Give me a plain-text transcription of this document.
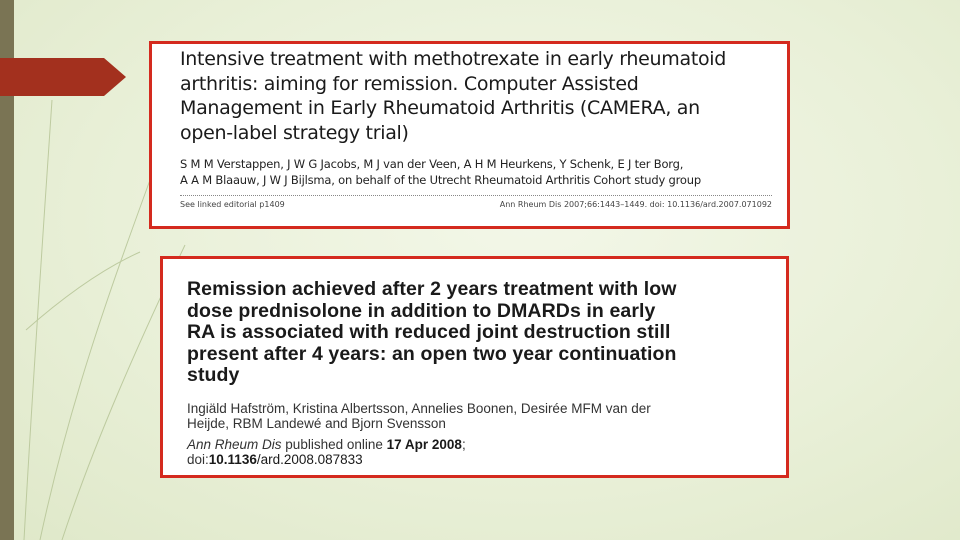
Intensive treatment with methotrexate in early rheumatoid
arthritis: aiming for remission. Computer Assisted
Management in Early Rheumatoid Arthritis (CAMERA, an
open-label strategy trial)

S M M Verstappen, J W G Jacobs, M J van der Veen, A H M Heurkens, Y Schenk, E J ter Borg,
A A M Blaauw, J W J Bijlsma, on behalf of the Utrecht Rheumatoid Arthritis Cohort study group

See linked editorial p1409	Ann Rheum Dis 2007;66:1443–1449. doi: 10.1136/ard.2007.071092

Remission achieved after 2 years treatment with low
dose prednisolone in addition to DMARDs in early
RA is associated with reduced joint destruction still
present after 4 years: an open two year continuation
study

Ingiäld Hafström, Kristina Albertsson, Annelies Boonen, Desirée MFM van der
Heijde, RBM Landewé and Bjorn Svensson

Ann Rheum Dis published online 17 Apr 2008;
doi:10.1136/ard.2008.087833
